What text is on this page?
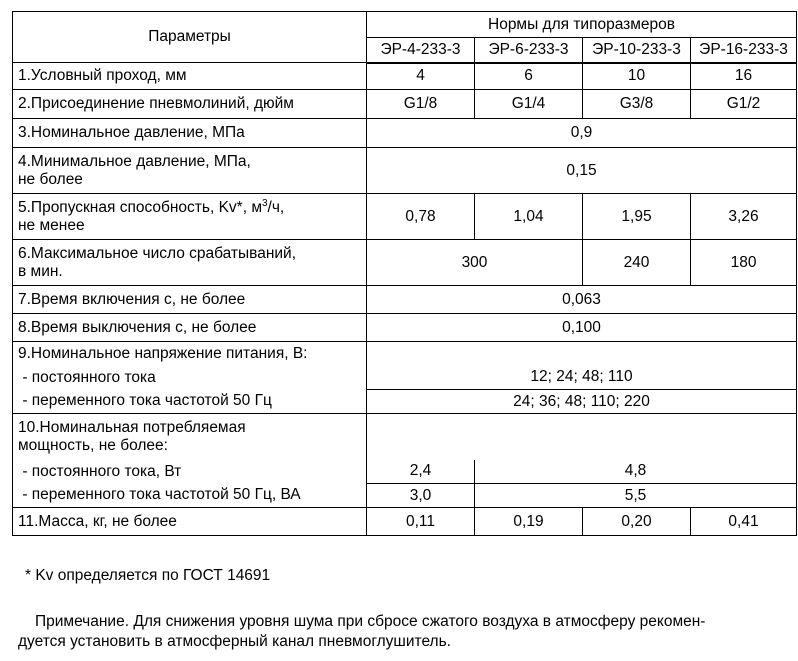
Параметры	Нормы для типоразмеров			
	ЭР-4-233-3	ЭР-6-233-3	ЭР-10-233-3	ЭР-16-233-3
1.Условный проход, мм	4	6	10	16
2.Присоединение пневмолиний, дюйм	G1/8	G1/4	G3/8	G1/2
3.Номинальное давление, МПа	0,9			
4.Минимальное давление, МПа,
не более	0,15			
5.Пропускная способность, Kv*, $м^3/ч$,
не менее	0,78	1,04	1,95	3,26
6.Максимальное число срабатываний,
в мин.	300		240	180
7.Время включения с, не более	0,063			
8.Время выключения с, не более	0,100			
9.Номинальное напряжение питания, В:				
- постоянного тока	12; 24; 48; 110			
- переменного тока частотой 50 Гц	24; 36; 48; 110; 220			
10.Номинальная потребляемая
мощность, не более:				
- постоянного тока, Вт	2,4	4,8		
- переменного тока частотой 50 Гц, ВА	3,0	5,5		
11.Масса, кг, не более	0,11	0,19	0,20	0,41
* Kv определяется по ГОСТ 14691

Примечание. Для снижения уровня шума при сбросе сжатого воздуха в атмосферу рекомен-

дуется установить в атмосферный канал пневмоглушитель.
